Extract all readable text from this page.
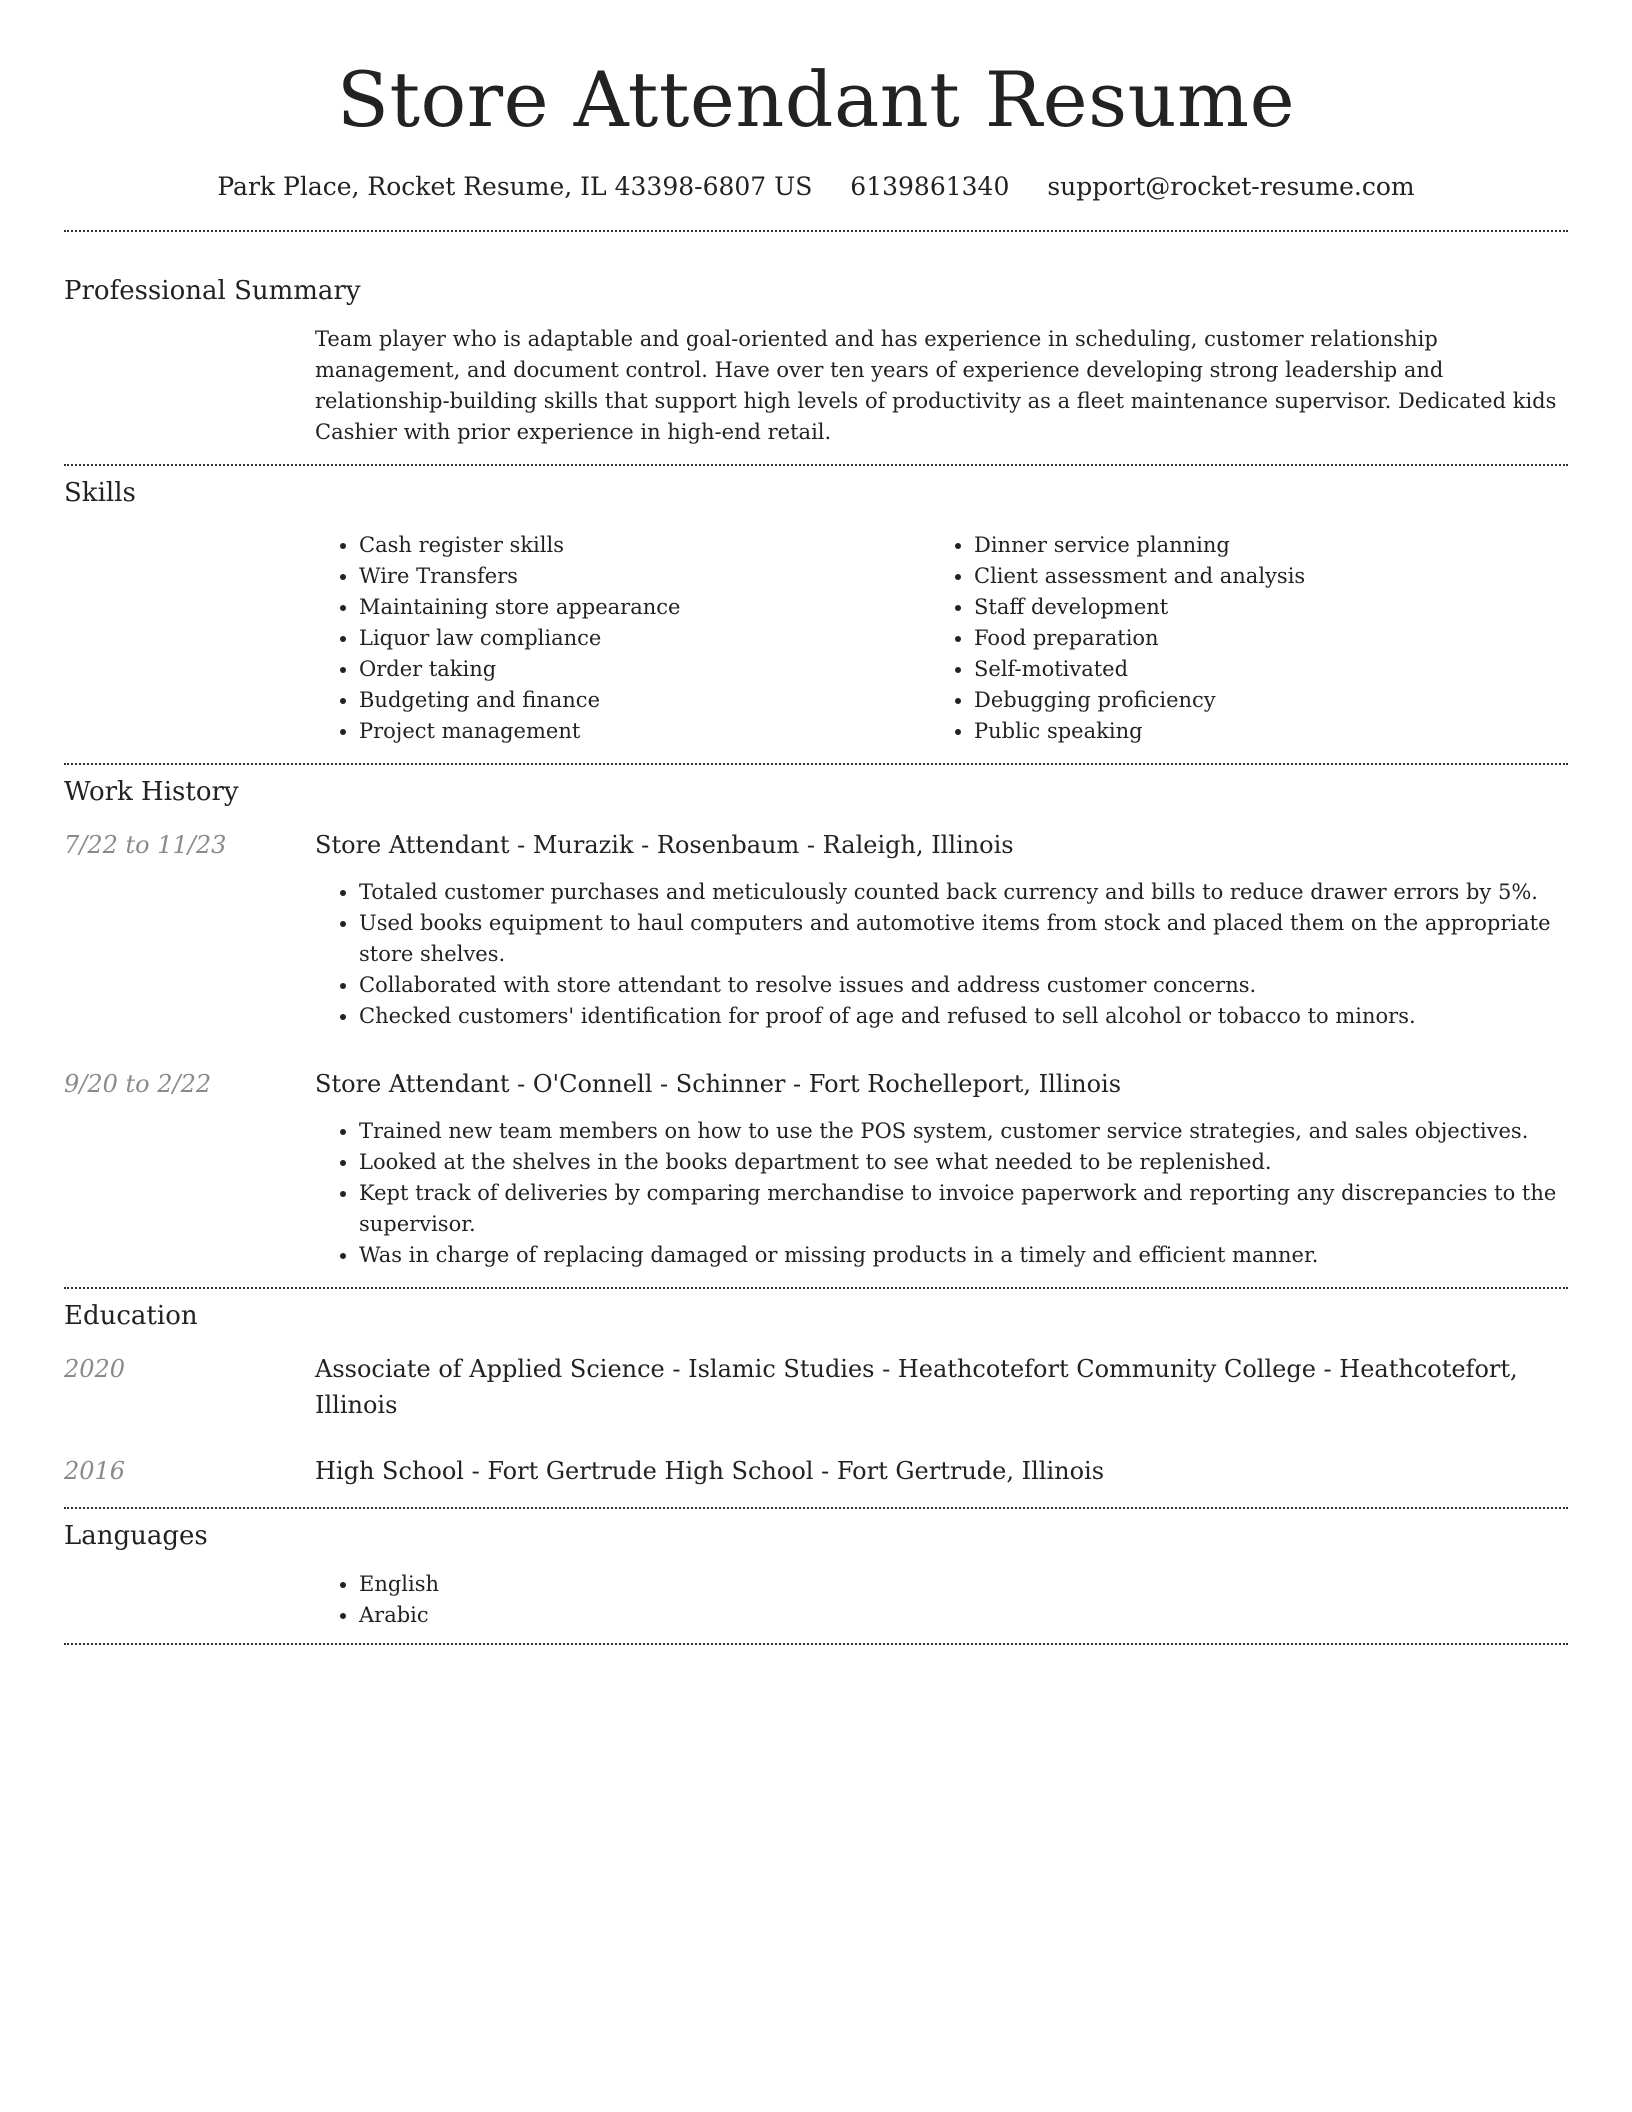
Store Attendant Resume
Park Place, Rocket Resume, IL 43398-6807 US 6139861340 support@rocket-resume.com
Professional Summary

Team player who is adaptable and goal-oriented and has experience in scheduling, customer relationship management, and document control. Have over ten years of experience developing strong leadership and relationship-building skills that support high levels of productivity as a fleet maintenance supervisor. Dedicated kids Cashier with prior experience in high-end retail.

Skills
• Cash register skills
• Wire Transfers
• Maintaining store appearance
• Liquor law compliance
• Order taking
• Budgeting and finance
• Project management
• Dinner service planning
• Client assessment and analysis
• Staff development
• Food preparation
• Self-motivated
• Debugging proficiency
• Public speaking
Work History
7/22 to 11/23	Store Attendant - Murazik - Rosenbaum - Raleigh, Illinois
• Totaled customer purchases and meticulously counted back currency and bills to reduce drawer errors by 5%.
• Used books equipment to haul computers and automotive items from stock and placed them on the appropriate store shelves.
• Collaborated with store attendant to resolve issues and address customer concerns.
• Checked customers' identification for proof of age and refused to sell alcohol or tobacco to minors.
9/20 to 2/22	Store Attendant - O'Connell - Schinner - Fort Rochelleport, Illinois
• Trained new team members on how to use the POS system, customer service strategies, and sales objectives.
• Looked at the shelves in the books department to see what needed to be replenished.
• Kept track of deliveries by comparing merchandise to invoice paperwork and reporting any discrepancies to the supervisor.
• Was in charge of replacing damaged or missing products in a timely and efficient manner.
Education
2020	Associate of Applied Science - Islamic Studies - Heathcotefort Community College - Heathcotefort, Illinois
2016	High School - Fort Gertrude High School - Fort Gertrude, Illinois
Languages
• English
• Arabic
